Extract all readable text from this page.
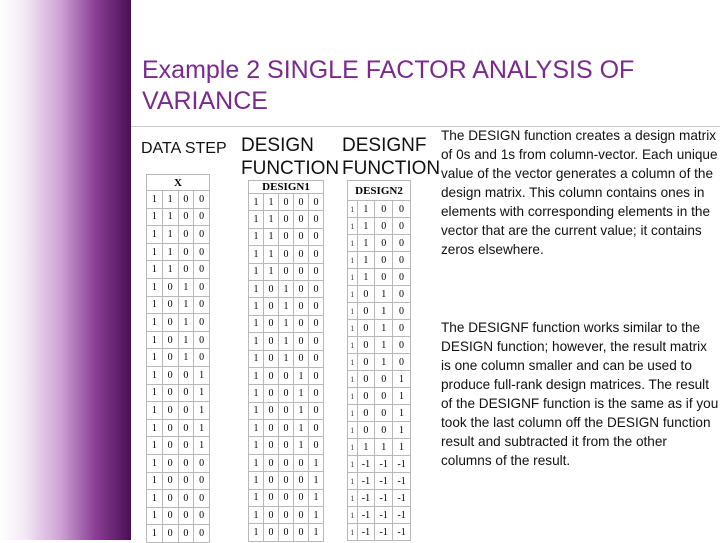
Example 2 SINGLE FACTOR ANALYSIS OF VARIANCE
DATA STEP DESIGN
FUNCTION
DESIGNF
FUNCTION
X			
1	1	0	0
1	1	0	0
1	1	0	0
1	1	0	0
1	1	0	0
1	0	1	0
1	0	1	0
1	0	1	0
1	0	1	0
1	0	1	0
1	0	0	1
1	0	0	1
1	0	0	1
1	0	0	1
1	0	0	1
1	0	0	0
1	0	0	0
1	0	0	0
1	0	0	0
1	0	0	0
DESIGN1				
1	1	0	0	0
1	1	0	0	0
1	1	0	0	0
1	1	0	0	0
1	1	0	0	0
1	0	1	0	0
1	0	1	0	0
1	0	1	0	0
1	0	1	0	0
1	0	1	0	0
1	0	0	1	0
1	0	0	1	0
1	0	0	1	0
1	0	0	1	0
1	0	0	1	0
1	0	0	0	1
1	0	0	0	1
1	0	0	0	1
1	0	0	0	1
1	0	0	0	1
DESIGN2			
1	1	0	0
1	1	0	0
1	1	0	0
1	1	0	0
1	1	0	0
1	0	1	0
1	0	1	0
1	0	1	0
1	0	1	0
1	0	1	0
1	0	0	1
1	0	0	1
1	0	0	1
1	0	0	1
1	1	1	1
1	-1	-1	-1
1	-1	-1	-1
1	-1	-1	-1
1	-1	-1	-1
1	-1	-1	-1
The DESIGN function creates a design matrix of 0s and 1s from column-vector. Each unique value of the vector generates a column of the design matrix. This column contains ones in elements with corresponding elements in the vector that are the current value; it contains zeros elsewhere.
The DESIGNF function works similar to the DESIGN function; however, the result matrix is one column smaller and can be used to produce full-rank design matrices. The result of the DESIGNF function is the same as if you took the last column off the DESIGN function result and subtracted it from the other columns of the result.
